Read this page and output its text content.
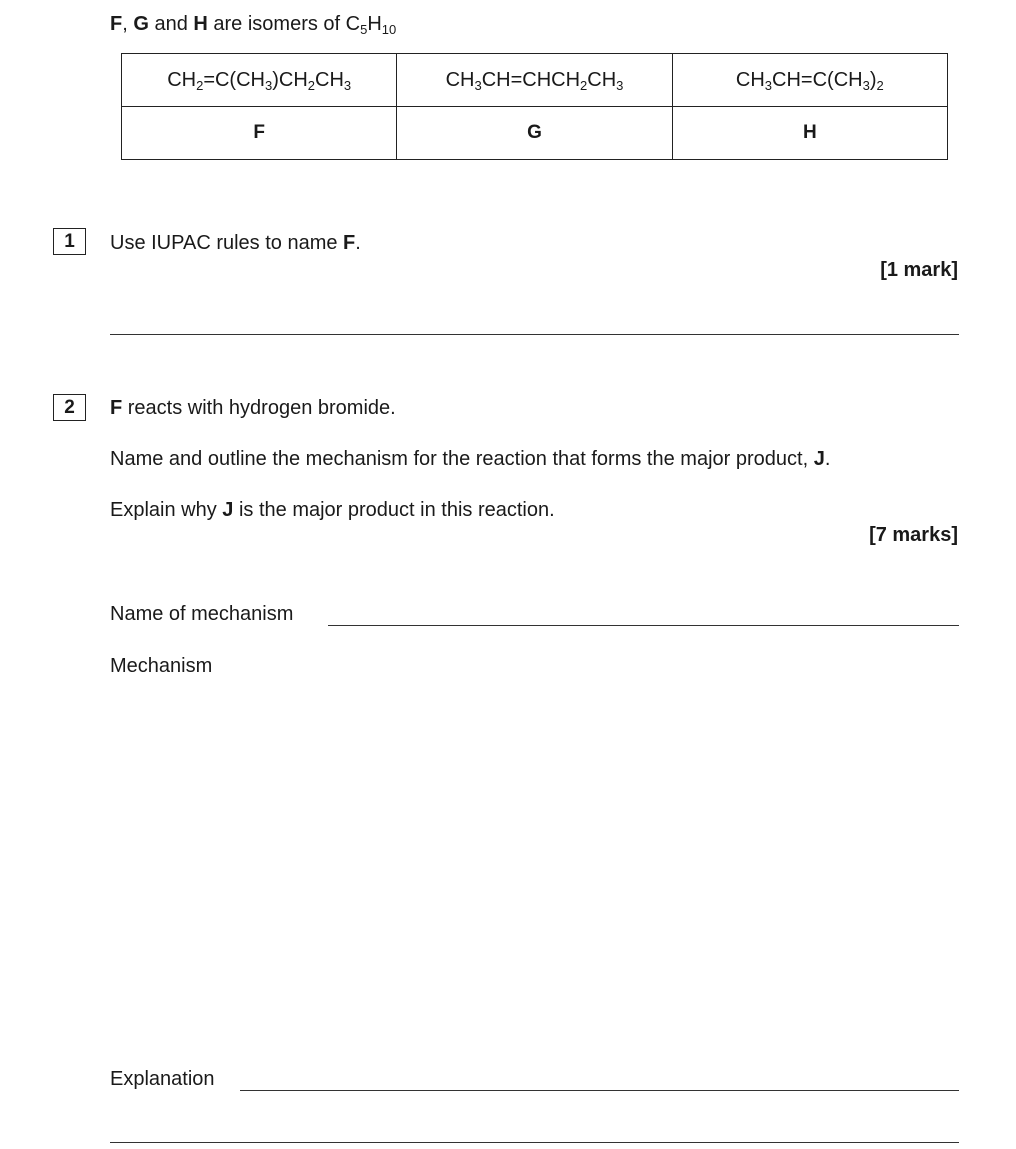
F, G and H are isomers of $C_5H_{10}$
$CH_2=C(CH_3)CH_2CH_3$	$CH_3CH=CHCH_2CH_3$	$CH_3CH=C(CH_3)_2$
F	G	H
1	Use IUPAC rules to name F.
[1 mark]
2	F reacts with hydrogen bromide.
Name and outline the mechanism for the reaction that forms the major product, J.
Explain why J is the major product in this reaction.
[7 marks]
Name of mechanism
Mechanism
Explanation
